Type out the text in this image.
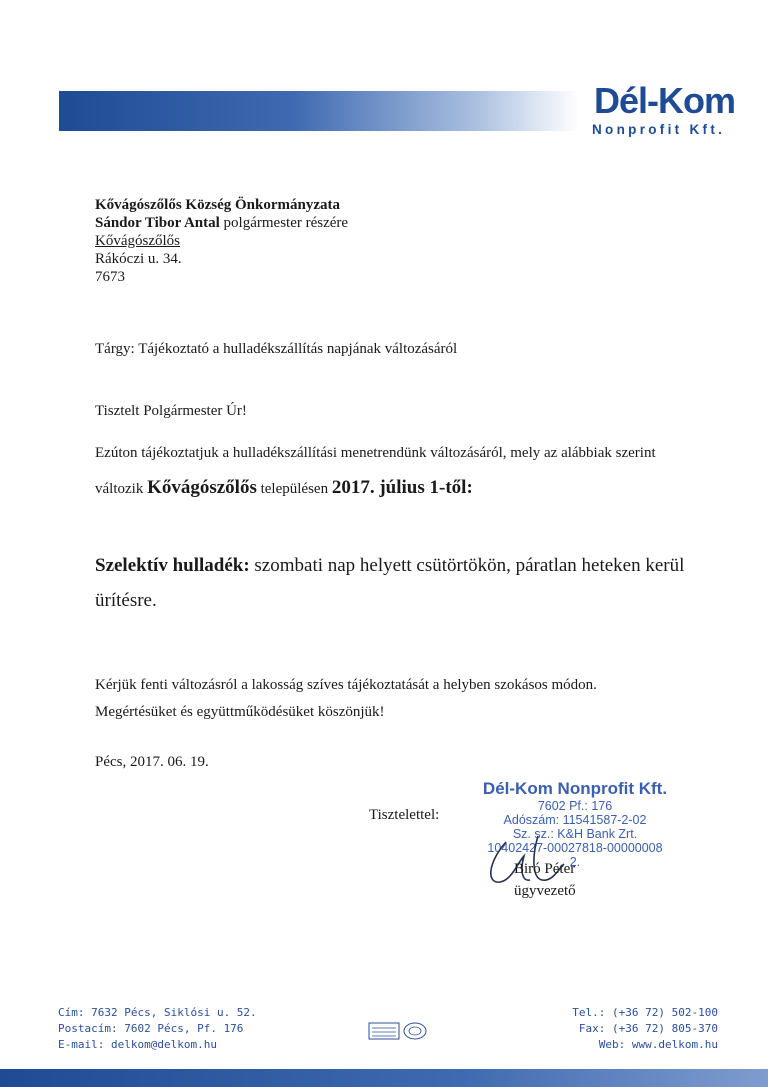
Dél-Kom
Nonprofit Kft.
Kővágószőlős Község Önkormányzata
Sándor Tibor Antal polgármester részére
Kővágószőlős
Rákóczi u. 34.
7673
Tárgy: Tájékoztató a hulladékszállítás napjának változásáról
Tisztelt Polgármester Úr!
Ezúton tájékoztatjuk a hulladékszállítási menetrendünk változásáról, mely az alábbiak szerint
változik Kővágószőlős településen 2017. július 1-től:
Szelektív hulladék: szombati nap helyett csütörtökön, páratlan heteken kerül
ürítésre.
Kérjük fenti változásról a lakosság szíves tájékoztatását a helyben szokásos módon.
Megértésüket és együttműködésüket köszönjük!
Pécs, 2017. 06. 19.
Tisztelettel:
Dél-Kom Nonprofit Kft.
7602 Pf.: 176
Adószám: 11541587-2-02
Sz. sz.: K&H Bank Zrt.
10402427-00027818-00000008
2.
Biró Péter
ügyvezető
Cím: 7632 Pécs, Siklósi u. 52.
Postacím: 7602 Pécs, Pf. 176
E-mail: delkom@delkom.hu
Tel.: (+36 72) 502-100
Fax: (+36 72) 805-370
Web: www.delkom.hu
